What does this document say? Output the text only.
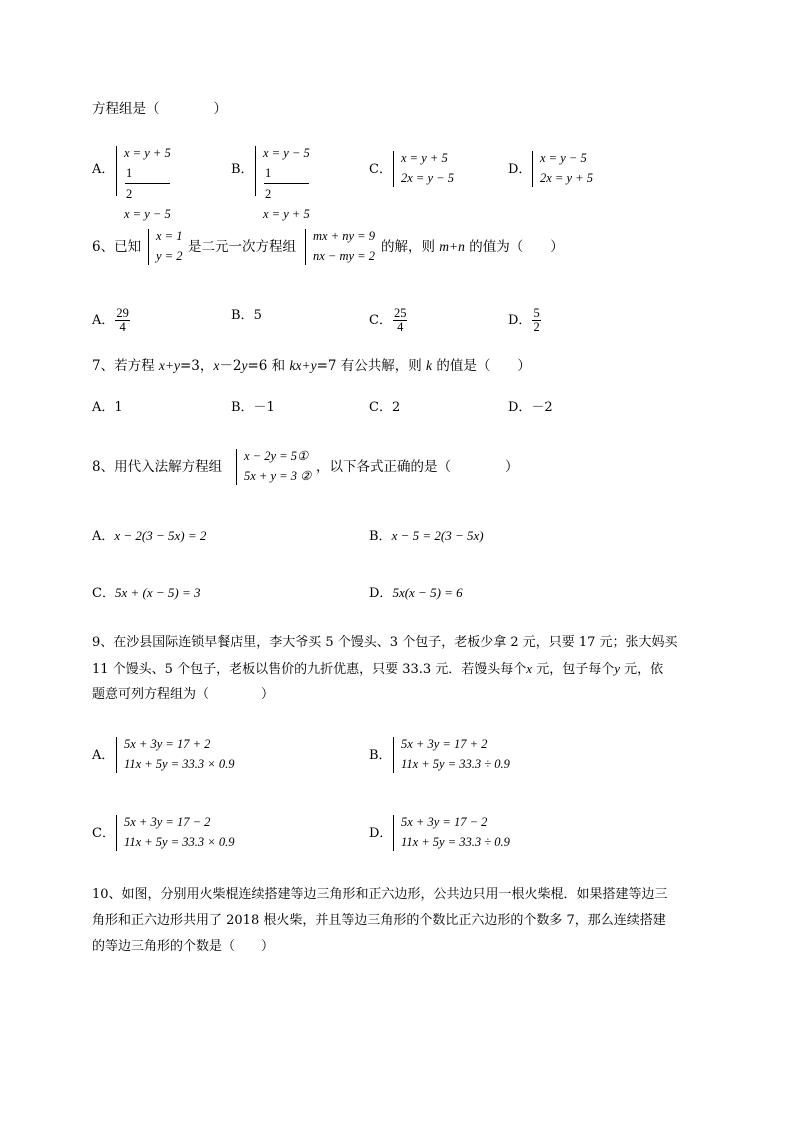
方程组是（　　　　）
A．
x = y + 5
1
2
x = y − 5
B．
x = y − 5
1
2
x = y + 5
C．
x = y + 5
2x = y − 5
D．
x = y − 5
2x = y + 5
6、已知
x = 1
y = 2
是二元一次方程组
mx + ny = 9
nx − my = 2
的解，则 m+n 的值为（　　）
A． $\frac{29}{4}$	B．5	C． $\frac{25}{4}$	D． $\frac{5}{2}$
7、若方程 x+y=3，x－2y=6 和 kx+y=7 有公共解，则 k 的值是（　　）
A．1	B．－1	C．2	D．－2
8、用代入法解方程组
x − 2y = 5①
5x + y = 3 ②
，以下各式正确的是（　　　　）
A．x − 2(3 − 5x) = 2	B．x − 5 = 2(3 − 5x)
C．5x + (x − 5) = 3	D．5x(x − 5) = 6
9、在沙县国际连锁早餐店里，李大爷买 5 个馒头、3 个包子，老板少拿 2 元，只要 17 元；张大妈买
11 个馒头、5 个包子，老板以售价的九折优惠，只要 33.3 元．若馒头每个x 元，包子每个y 元，依
题意可列方程组为（　　　　）
A．
5x + 3y = 17 + 2
11x + 5y = 33.3 × 0.9
B．
5x + 3y = 17 + 2
11x + 5y = 33.3 ÷ 0.9
C．
5x + 3y = 17 − 2
11x + 5y = 33.3 × 0.9
D．
5x + 3y = 17 − 2
11x + 5y = 33.3 ÷ 0.9
10、如图，分别用火柴棍连续搭建等边三角形和正六边形，公共边只用一根火柴棍．如果搭建等边三
角形和正六边形共用了 2018 根火柴，并且等边三角形的个数比正六边形的个数多 7，那么连续搭建
的等边三角形的个数是（　　）
